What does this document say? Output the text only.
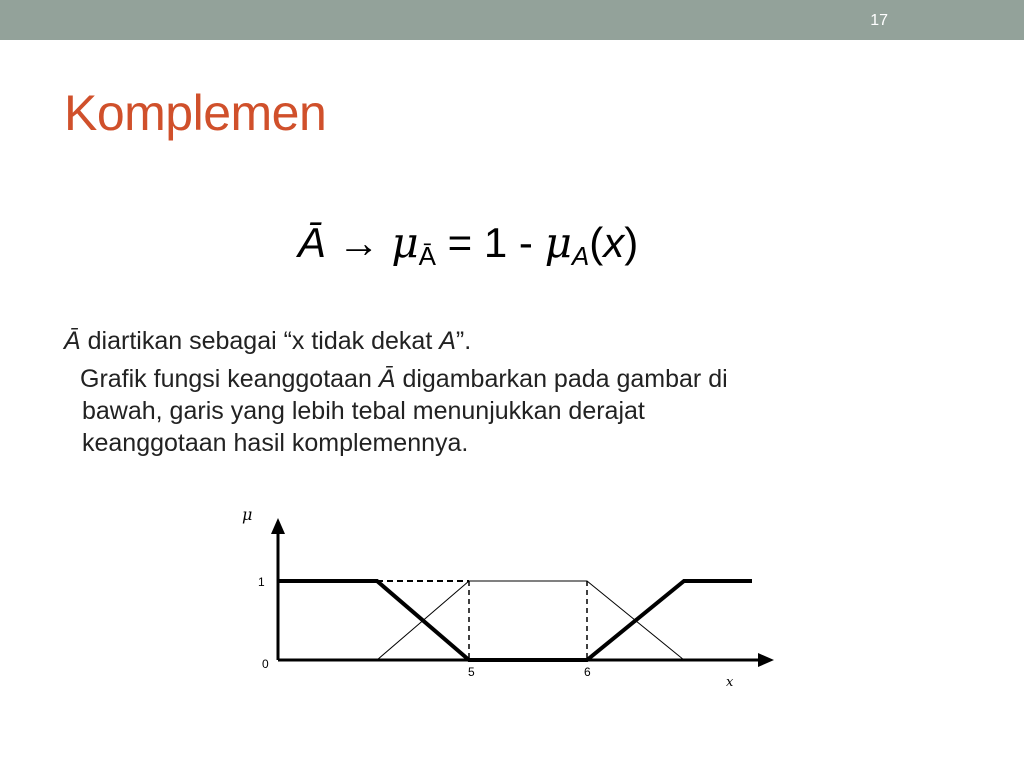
17
Komplemen
Ā → $\mu_Ā = 1 - \mu_A(x)$

Ā diartikan sebagai “x tidak dekat A”.

Grafik fungsi keanggotaan Ā digambarkan pada gambar di
bawah, garis yang lebih tebal menunjukkan derajat
keanggotaan hasil komplemennya.

μ
x
1
0
5	6
